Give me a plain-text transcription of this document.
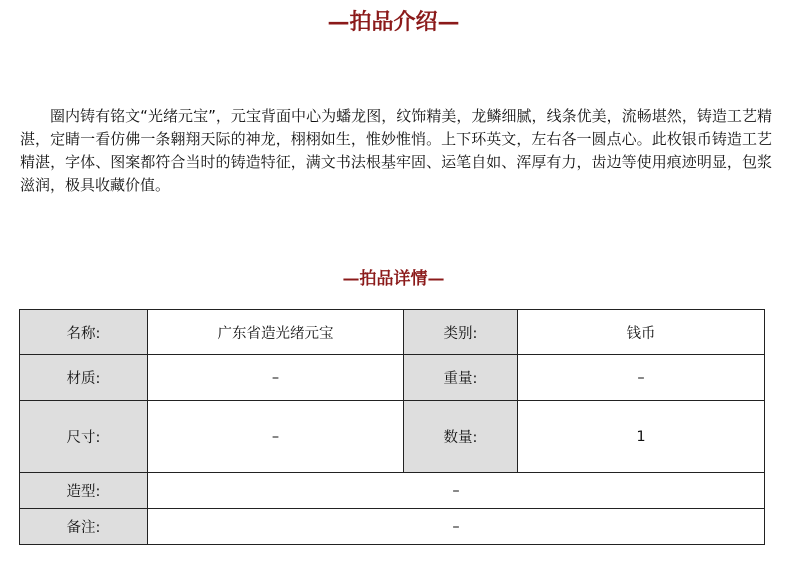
—拍品介绍—

圈内铸有铭文“光绪元宝”，元宝背面中心为蟠龙图，纹饰精美，龙鳞细腻，线条优美，流畅堪然，铸造工艺精湛，定睛一看仿佛一条翱翔天际的神龙，栩栩如生，惟妙惟悄。上下环英文，左右各一圆点心。此枚银币铸造工艺精湛，字体、图案都符合当时的铸造特征，满文书法根基牢固、运笔自如、浑厚有力，齿边等使用痕迹明显，包浆滋润，极具收藏价值。

—拍品详情—
名称:	广东省造光绪元宝	类别:	钱币
材质:	–	重量:	–
尺寸:	–	数量:	1
造型:	–		
备注:	–		
